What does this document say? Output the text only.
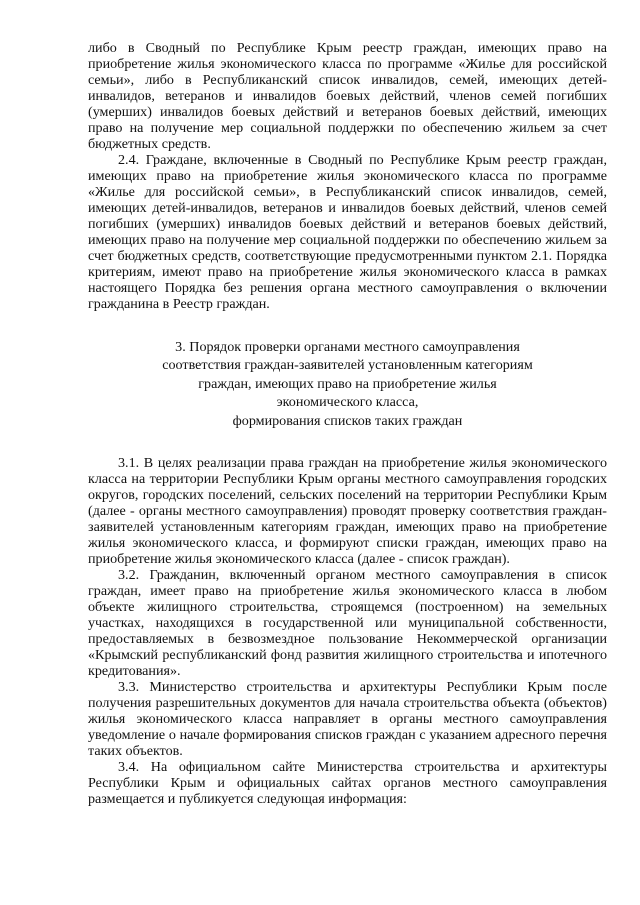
либо в Сводный по Республике Крым реестр граждан, имеющих право на приобретение жилья экономического класса по программе «Жилье для российской семьи», либо в Республиканский список инвалидов, семей, имеющих детей-инвалидов, ветеранов и инвалидов боевых действий, членов семей погибших (умерших) инвалидов боевых действий и ветеранов боевых действий, имеющих право на получение мер социальной поддержки по обеспечению жильем за счет бюджетных средств.

2.4. Граждане, включенные в Сводный по Республике Крым реестр граждан, имеющих право на приобретение жилья экономического класса по программе «Жилье для российской семьи», в Республиканский список инвалидов, семей, имеющих детей-инвалидов, ветеранов и инвалидов боевых действий, членов семей погибших (умерших) инвалидов боевых действий и ветеранов боевых действий, имеющих право на получение мер социальной поддержки по обеспечению жильем за счет бюджетных средств, соответствующие предусмотренными пунктом 2.1. Порядка критериям, имеют право на приобретение жилья экономического класса в рамках настоящего Порядка без решения органа местного самоуправления о включении гражданина в Реестр граждан.

3. Порядок проверки органами местного самоуправления
соответствия граждан-заявителей установленным категориям
граждан, имеющих право на приобретение жилья
экономического класса,
формирования списков таких граждан

3.1. В целях реализации права граждан на приобретение жилья экономического класса на территории Республики Крым органы местного самоуправления городских округов, городских поселений, сельских поселений на территории Республики Крым (далее - органы местного самоуправления) проводят проверку соответствия граждан-заявителей установленным категориям граждан, имеющих право на приобретение жилья экономического класса, и формируют списки граждан, имеющих право на приобретение жилья экономического класса (далее - список граждан).

3.2. Гражданин, включенный органом местного самоуправления в список граждан, имеет право на приобретение жилья экономического класса в любом объекте жилищного строительства, строящемся (построенном) на земельных участках, находящихся в государственной или муниципальной собственности, предоставляемых в безвозмездное пользование Некоммерческой организации «Крымский республиканский фонд развития жилищного строительства и ипотечного кредитования».

3.3. Министерство строительства и архитектуры Республики Крым после получения разрешительных документов для начала строительства объекта (объектов) жилья экономического класса направляет в органы местного самоуправления уведомление о начале формирования списков граждан с указанием адресного перечня таких объектов.

3.4. На официальном сайте Министерства строительства и архитектуры Республики Крым и официальных сайтах органов местного самоуправления размещается и публикуется следующая информация:
